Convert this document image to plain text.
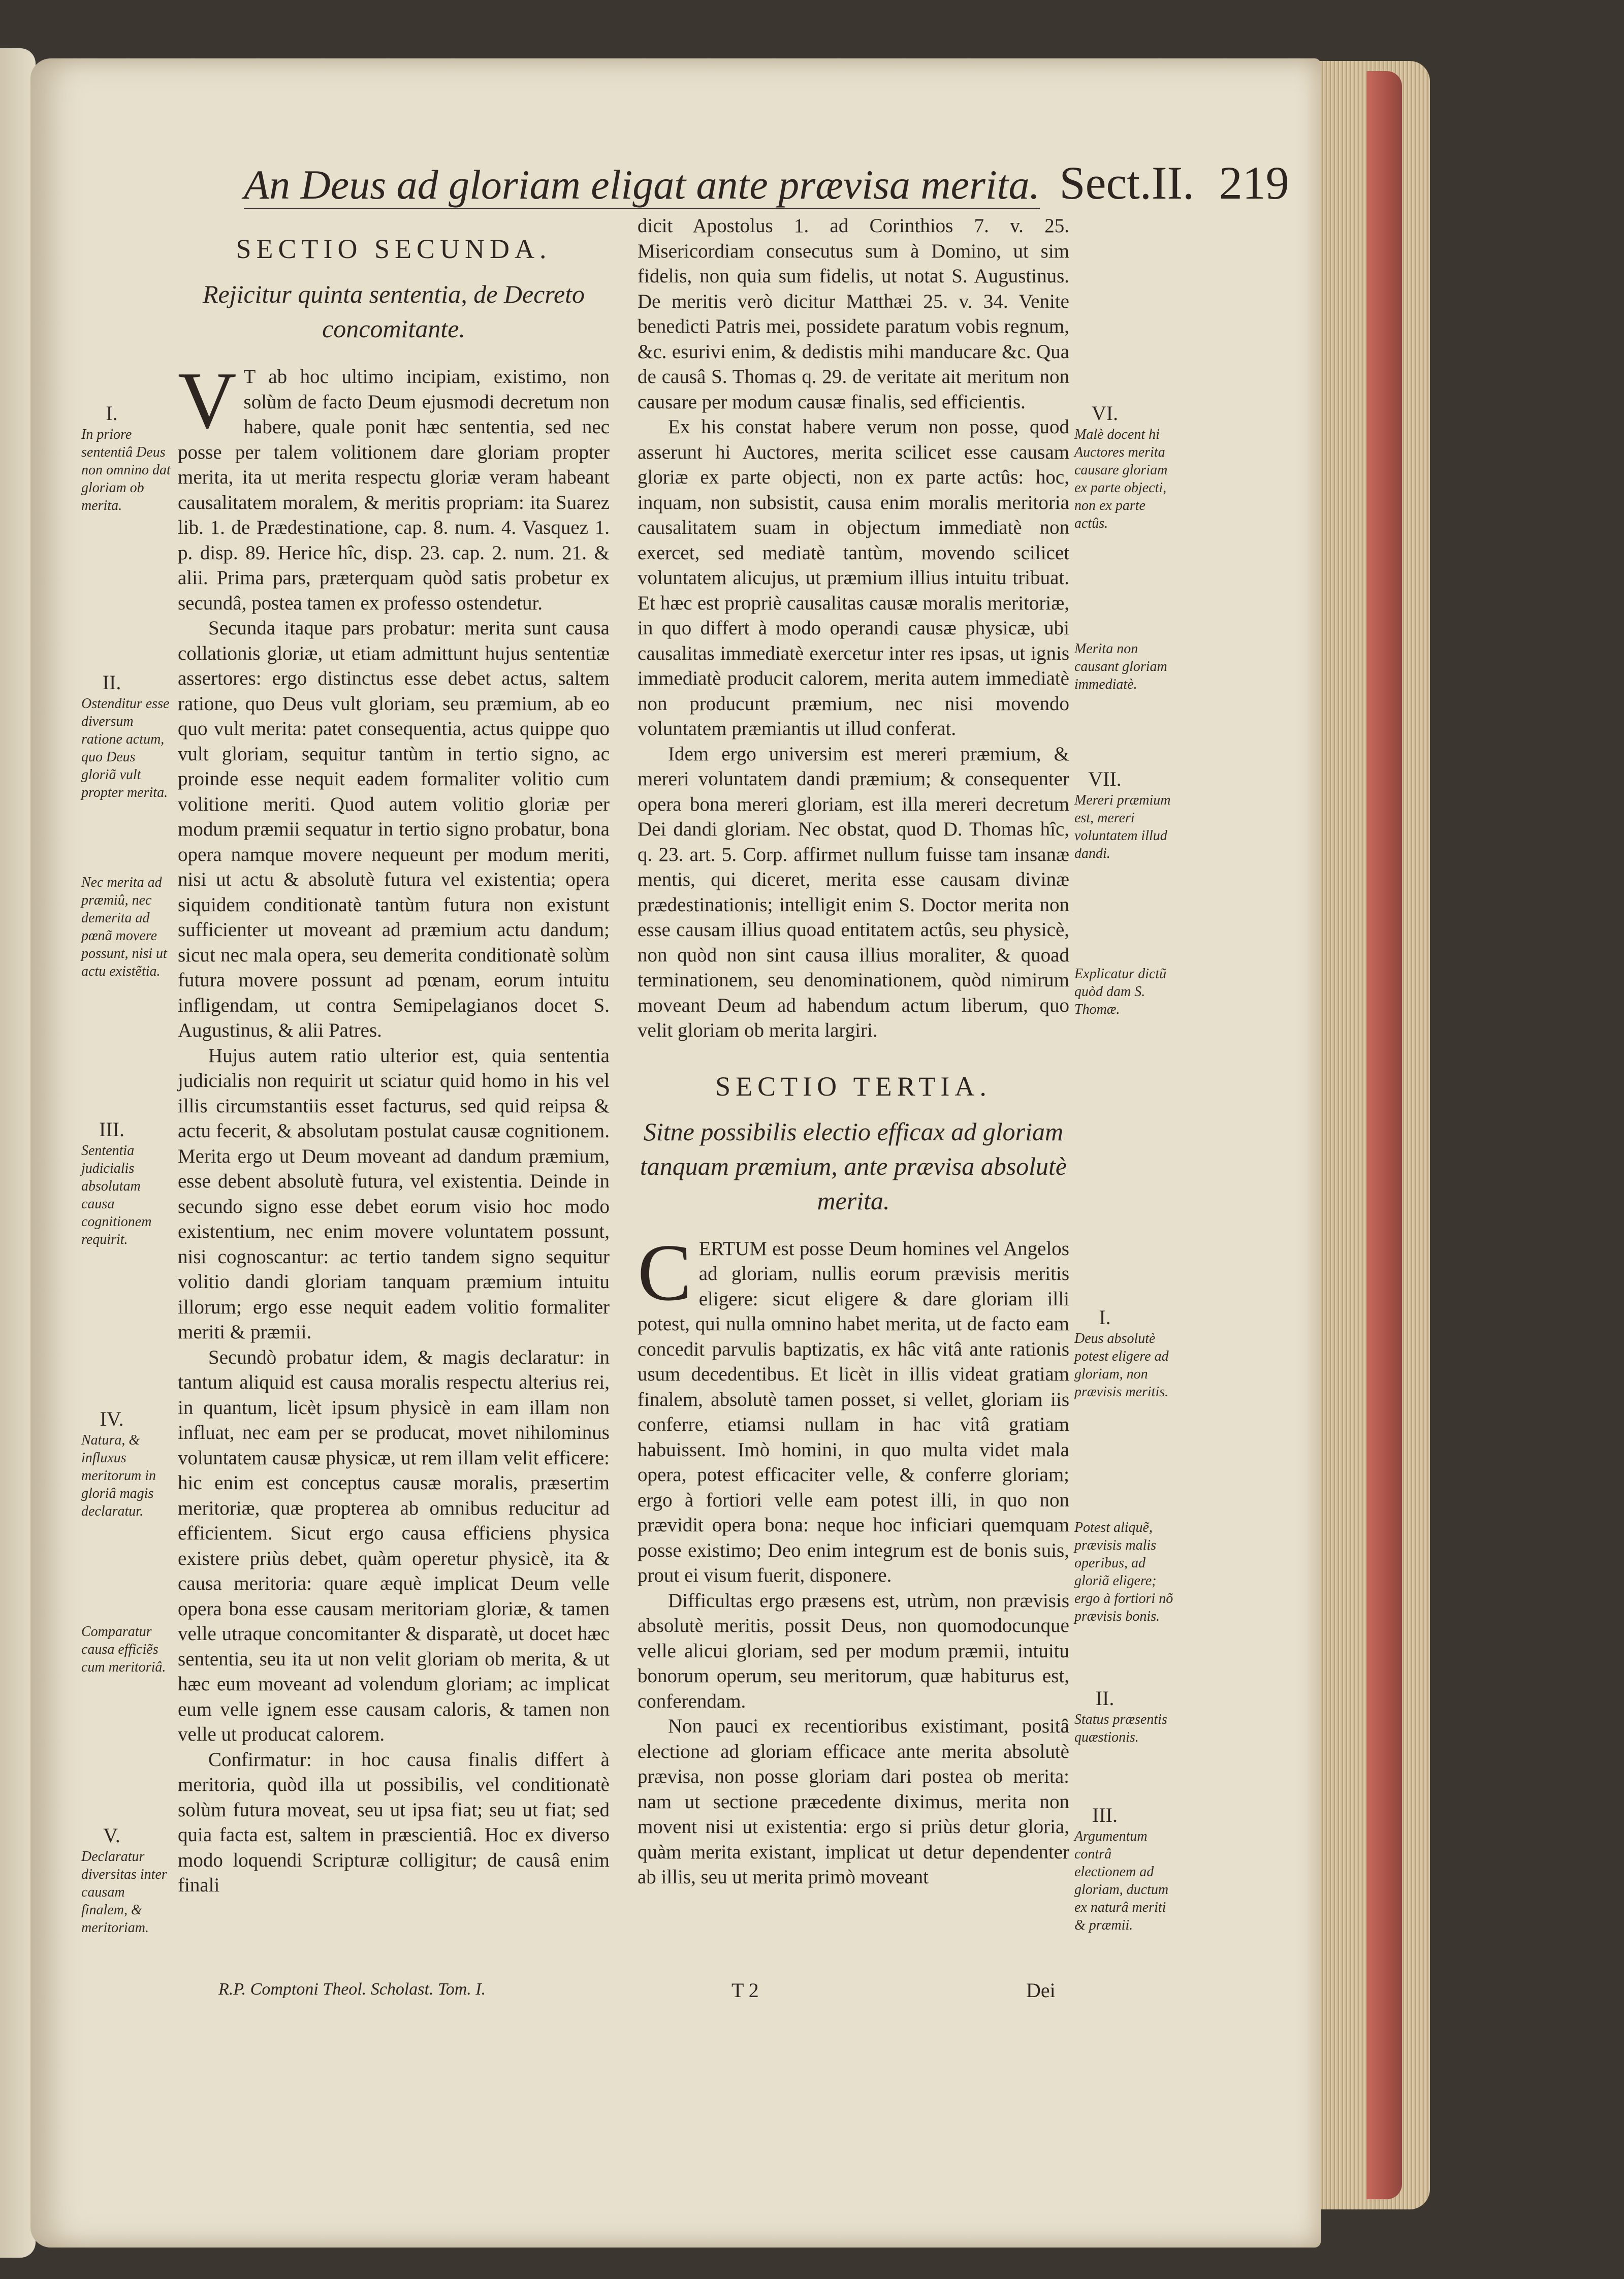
An Deus ad gloriam eligat ante prævisa merita. Sect.II. 219
SECTIO SECUNDA.
Rejicitur quinta sententia, de Decreto concomitante.

V T ab hoc ultimo incipiam, existimo, non solùm de facto Deum ejusmodi decretum non habere, quale ponit hæc sententia, sed nec posse per talem volitionem dare gloriam propter merita, ita ut merita respectu gloriæ veram habeant causalitatem moralem, & meritis propriam: ita Suarez lib. 1. de Prædestinatione, cap. 8. num. 4. Vasquez 1. p. disp. 89. Herice hîc, disp. 23. cap. 2. num. 21. & alii. Prima pars, præterquam quòd satis probetur ex secundâ, postea tamen ex professo ostendetur.

Secunda itaque pars probatur: merita sunt causa collationis gloriæ, ut etiam admittunt hujus sententiæ assertores: ergo distinctus esse debet actus, saltem ratione, quo Deus vult gloriam, seu præmium, ab eo quo vult merita: patet consequentia, actus quippe quo vult gloriam, sequitur tantùm in tertio signo, ac proinde esse nequit eadem formaliter volitio cum volitione meriti. Quod autem volitio gloriæ per modum præmii sequatur in tertio signo probatur, bona opera namque movere nequeunt per modum meriti, nisi ut actu & absolutè futura vel existentia; opera siquidem conditionatè tantùm futura non existunt sufficienter ut moveant ad præmium actu dandum; sicut nec mala opera, seu demerita conditionatè solùm futura movere possunt ad pœnam, eorum intuitu infligendam, ut contra Semipelagianos docet S. Augustinus, & alii Patres.

Hujus autem ratio ulterior est, quia sententia judicialis non requirit ut sciatur quid homo in his vel illis circumstantiis esset facturus, sed quid reipsa & actu fecerit, & absolutam postulat causæ cognitionem. Merita ergo ut Deum moveant ad dandum præmium, esse debent absolutè futura, vel existentia. Deinde in secundo signo esse debet eorum visio hoc modo existentium, nec enim movere voluntatem possunt, nisi cognoscantur: ac tertio tandem signo sequitur volitio dandi gloriam tanquam præmium intuitu illorum; ergo esse nequit eadem volitio formaliter meriti & præmii.

Secundò probatur idem, & magis declaratur: in tantum aliquid est causa moralis respectu alterius rei, in quantum, licèt ipsum physicè in eam illam non influat, nec eam per se producat, movet nihilominus voluntatem causæ physicæ, ut rem illam velit efficere: hic enim est conceptus causæ moralis, præsertim meritoriæ, quæ propterea ab omnibus reducitur ad efficientem. Sicut ergo causa efficiens physica existere priùs debet, quàm operetur physicè, ita & causa meritoria: quare æquè implicat Deum velle opera bona esse causam meritoriam gloriæ, & tamen velle utraque concomitanter & disparatè, ut docet hæc sententia, seu ita ut non velit gloriam ob merita, & ut hæc eum moveant ad volendum gloriam; ac implicat eum velle ignem esse causam caloris, & tamen non velle ut producat calorem.

Confirmatur: in hoc causa finalis differt à meritoria, quòd illa ut possibilis, vel conditionatè solùm futura moveat, seu ut ipsa fiat; seu ut fiat; sed quia facta est, saltem in præscientiâ. Hoc ex diverso modo loquendi Scripturæ colligitur; de causâ enim finali

R.P. Comptoni Theol. Scholast. Tom. I.

dicit Apostolus 1. ad Corinthios 7. v. 25. Misericordiam consecutus sum à Domino, ut sim fidelis, non quia sum fidelis, ut notat S. Augustinus. De meritis verò dicitur Matthæi 25. v. 34. Venite benedicti Patris mei, possidete paratum vobis regnum, &c. esurivi enim, & dedistis mihi manducare &c. Qua de causâ S. Thomas q. 29. de veritate ait meritum non causare per modum causæ finalis, sed efficientis.

Ex his constat habere verum non posse, quod asserunt hi Auctores, merita scilicet esse causam gloriæ ex parte objecti, non ex parte actûs: hoc, inquam, non subsistit, causa enim moralis meritoria causalitatem suam in objectum immediatè non exercet, sed mediatè tantùm, movendo scilicet voluntatem alicujus, ut præmium illius intuitu tribuat. Et hæc est propriè causalitas causæ moralis meritoriæ, in quo differt à modo operandi causæ physicæ, ubi causalitas immediatè exercetur inter res ipsas, ut ignis immediatè producit calorem, merita autem immediatè non producunt præmium, nec nisi movendo voluntatem præmiantis ut illud conferat.

Idem ergo universim est mereri præmium, & mereri voluntatem dandi præmium; & consequenter opera bona mereri gloriam, est illa mereri decretum Dei dandi gloriam. Nec obstat, quod D. Thomas hîc, q. 23. art. 5. Corp. affirmet nullum fuisse tam insanæ mentis, qui diceret, merita esse causam divinæ prædestinationis; intelligit enim S. Doctor merita non esse causam illius quoad entitatem actûs, seu physicè, non quòd non sint causa illius moraliter, & quoad terminationem, seu denominationem, quòd nimirum moveant Deum ad habendum actum liberum, quo velit gloriam ob merita largiri.

SECTIO TERTIA.
Sitne possibilis electio efficax ad gloriam tanquam præmium, ante prævisa absolutè merita.

CERTUM est posse Deum homines vel Angelos ad gloriam, nullis eorum prævisis meritis eligere: sicut eligere & dare gloriam illi potest, qui nulla omnino habet merita, ut de facto eam concedit parvulis baptizatis, ex hâc vitâ ante rationis usum decedentibus. Et licèt in illis videat gratiam finalem, absolutè tamen posset, si vellet, gloriam iis conferre, etiamsi nullam in hac vitâ gratiam habuissent. Imò homini, in quo multa videt mala opera, potest efficaciter velle, & conferre gloriam; ergo à fortiori velle eam potest illi, in quo non prævidit opera bona: neque hoc inficiari quemquam posse existimo; Deo enim integrum est de bonis suis, prout ei visum fuerit, disponere.

Difficultas ergo præsens est, utrùm, non prævisis absolutè meritis, possit Deus, non quomodocunque velle alicui gloriam, sed per modum præmii, intuitu bonorum operum, seu meritorum, quæ habiturus est, conferendam.

Non pauci ex recentioribus existimant, positâ electione ad gloriam efficace ante merita absolutè prævisa, non posse gloriam dari postea ob merita: nam ut sectione præcedente diximus, merita non movent nisi ut existentia: ergo si priùs detur gloria, quàm merita existant, implicat ut detur dependenter ab illis, seu ut merita primò moveant

T 2	Dei
I.
In priore sententiâ Deus non omnino dat gloriam ob merita.
II.
Ostenditur esse diversum ratione actum, quo Deus gloriã vult propter merita.
Nec merita ad præmiû, nec demerita ad pœnã movere possunt, nisi ut actu existẽtia.
III.
Sententia judicialis absolutam causa cognitionem requirit.
IV.
Natura, & influxus meritorum in gloriâ magis declaratur.
Comparatur causa efficiẽs cum meritoriâ.
V.
Declaratur diversitas inter causam finalem, & meritoriam.
VI.
Malè docent hi Auctores merita causare gloriam ex parte objecti, non ex parte actûs.
Merita non causant gloriam immediatè.
VII.
Mereri præmium est, mereri voluntatem illud dandi.
Explicatur dictũ quòd dam S. Thomæ.
I.
Deus absolutè potest eligere ad gloriam, non prævisis meritis.
Potest aliquẽ, prævisis malis operibus, ad gloriã eligere; ergo à fortiori nõ prævisis bonis.
II.
Status præsentis quæstionis.
III.
Argumentum contrâ electionem ad gloriam, ductum ex naturâ meriti & præmii.
